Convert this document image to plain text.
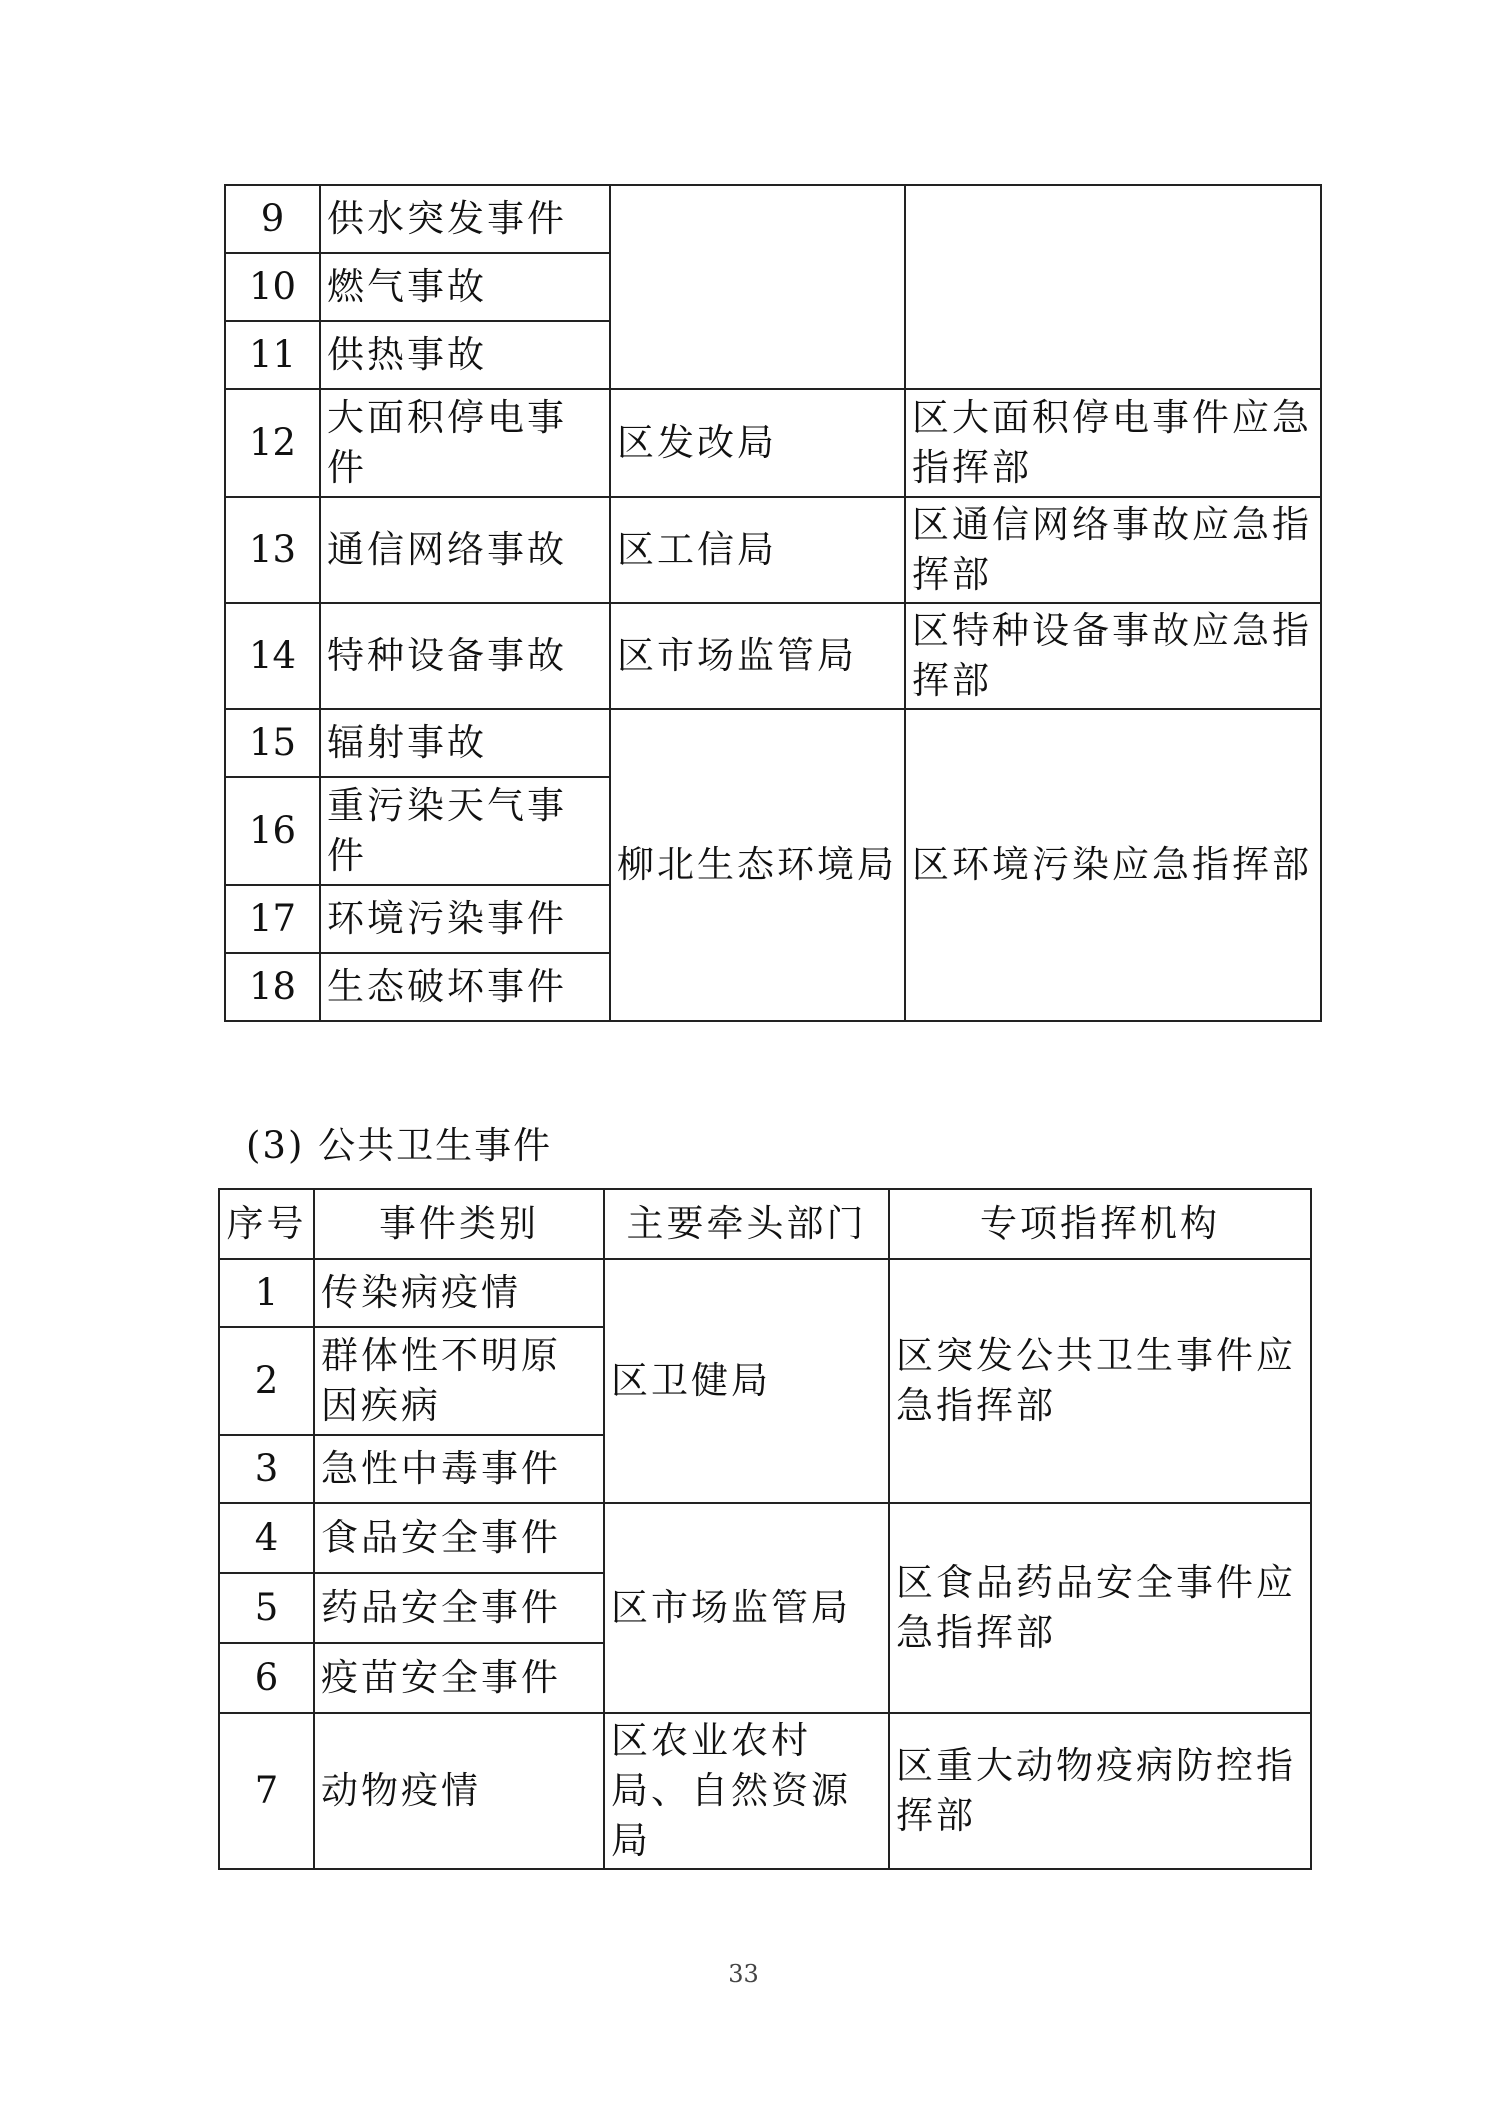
9	供水突发事件		
10	燃气事故		
11	供热事故		
12	大面积停电事件	区发改局	区大面积停电事件应急指挥部
13	通信网络事故	区工信局	区通信网络事故应急指挥部
14	特种设备事故	区市场监管局	区特种设备事故应急指挥部
15	辐射事故	柳北生态环境局	区环境污染应急指挥部
16	重污染天气事件		
17	环境污染事件		
18	生态破坏事件		
(3) 公共卫生事件
序号	事件类别	主要牵头部门	专项指挥机构
1	传染病疫情	区卫健局	区突发公共卫生事件应急指挥部
2	群体性不明原因疾病		
3	急性中毒事件		
4	食品安全事件	区市场监管局	区食品药品安全事件应急指挥部
5	药品安全事件		
6	疫苗安全事件		
7	动物疫情	区农业农村局、自然资源局	区重大动物疫病防控指挥部
33
